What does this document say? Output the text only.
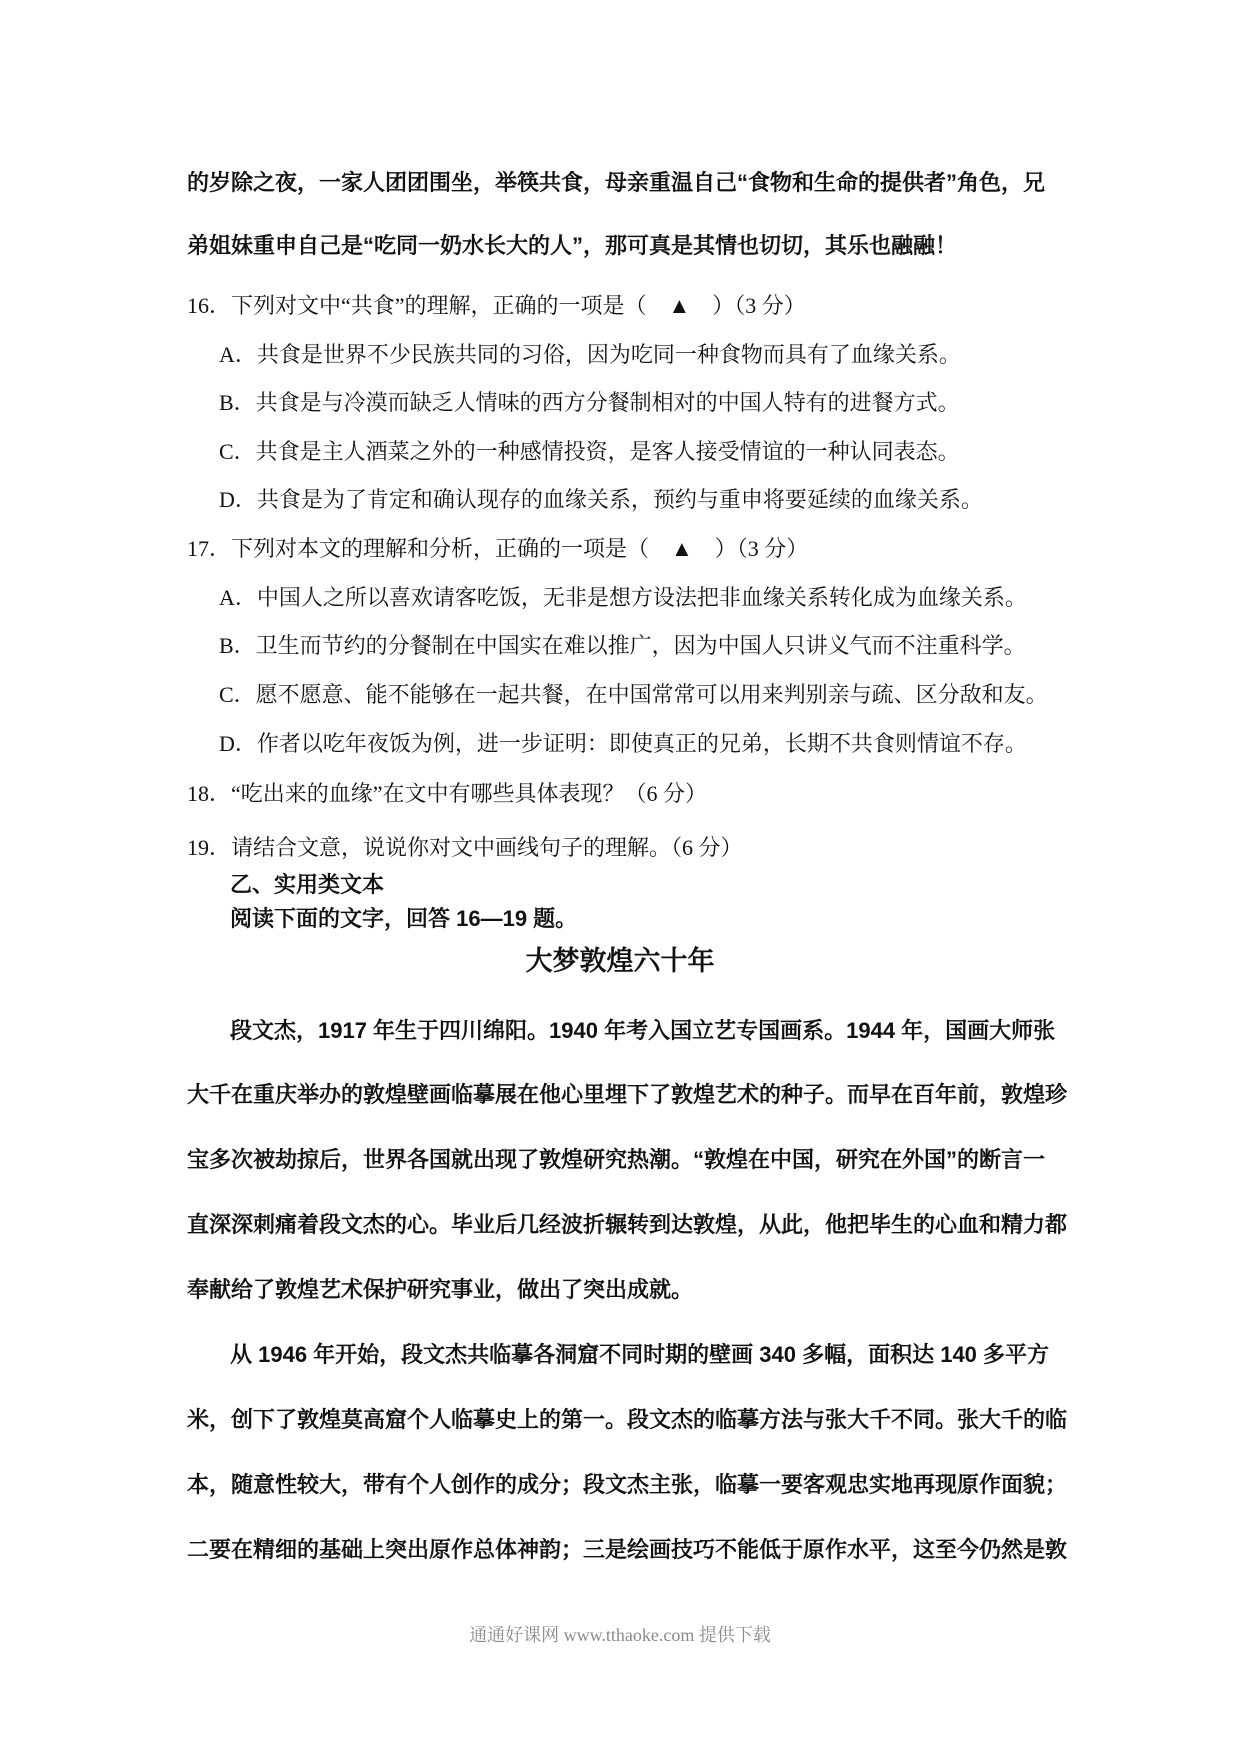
的岁除之夜，一家人团团围坐，举筷共食，母亲重温自己“食物和生命的提供者”角色，兄
弟姐妹重申自己是“吃同一奶水长大的人”，那可真是其情也切切，其乐也融融！
16．下列对文中“共食”的理解，正确的一项是（　▲　）（3 分）
A．共食是世界不少民族共同的习俗，因为吃同一种食物而具有了血缘关系。
B．共食是与冷漠而缺乏人情味的西方分餐制相对的中国人特有的进餐方式。
C．共食是主人酒菜之外的一种感情投资，是客人接受情谊的一种认同表态。
D．共食是为了肯定和确认现存的血缘关系，预约与重申将要延续的血缘关系。
17．下列对本文的理解和分析，正确的一项是（　▲　）（3 分）
A．中国人之所以喜欢请客吃饭，无非是想方设法把非血缘关系转化成为血缘关系。
B．卫生而节约的分餐制在中国实在难以推广，因为中国人只讲义气而不注重科学。
C．愿不愿意、能不能够在一起共餐，在中国常常可以用来判别亲与疏、区分敌和友。
D．作者以吃年夜饭为例，进一步证明：即使真正的兄弟，长期不共食则情谊不存。
18．“吃出来的血缘”在文中有哪些具体表现？（6 分）
19．请结合文意，说说你对文中画线句子的理解。（6 分）
乙、实用类文本
阅读下面的文字，回答 16—19 题。
大梦敦煌六十年
段文杰，1917 年生于四川绵阳。1940 年考入国立艺专国画系。1944 年，国画大师张
大千在重庆举办的敦煌壁画临摹展在他心里埋下了敦煌艺术的种子。而早在百年前，敦煌珍
宝多次被劫掠后，世界各国就出现了敦煌研究热潮。“敦煌在中国，研究在外国”的断言一
直深深刺痛着段文杰的心。毕业后几经波折辗转到达敦煌，从此，他把毕生的心血和精力都
奉献给了敦煌艺术保护研究事业，做出了突出成就。
从 1946 年开始，段文杰共临摹各洞窟不同时期的壁画 340 多幅，面积达 140 多平方
米，创下了敦煌莫高窟个人临摹史上的第一。段文杰的临摹方法与张大千不同。张大千的临
本，随意性较大，带有个人创作的成分；段文杰主张，临摹一要客观忠实地再现原作面貌；
二要在精细的基础上突出原作总体神韵；三是绘画技巧不能低于原作水平，这至今仍然是敦
通通好课网 www.tthaoke.com 提供下载
